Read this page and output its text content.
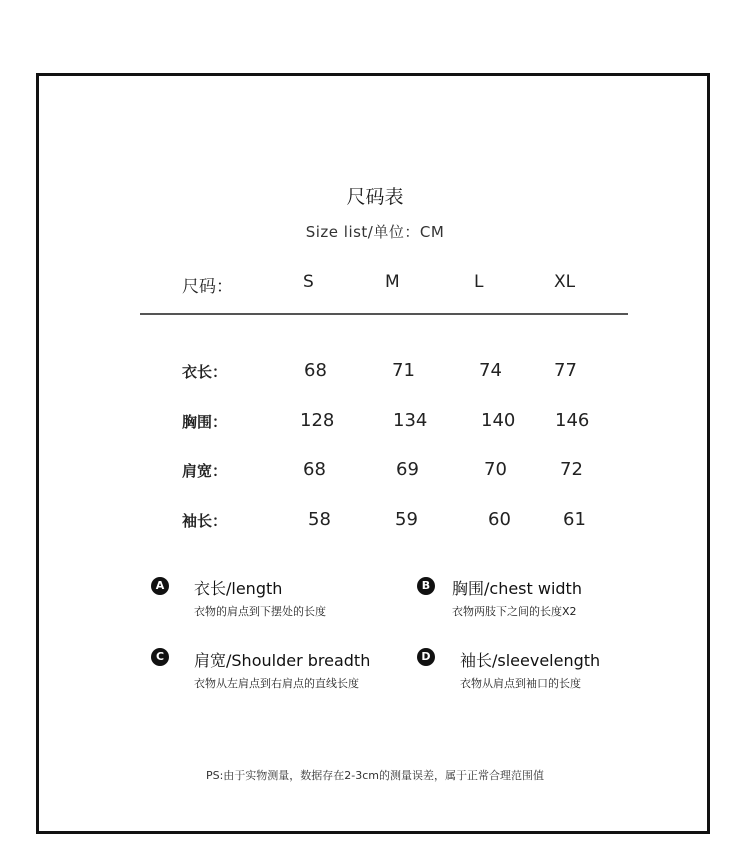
尺码表
Size list/单位：CM
尺码：	S	M	L	XL
衣长：	68	71	74	77
胸围：	128	134	140 146
肩宽：	68	69	70	72
袖长：	58	59	60	61
A 衣长/length
衣物的肩点到下摆处的长度
B	胸围/chest width
衣物两肢下之间的长度X2
C	肩宽/Shoulder breadth
衣物从左肩点到右肩点的直线长度
D 袖长/sleevelength
衣物从肩点到袖口的长度
PS:由于实物测量，数据存在2-3cm的测量误差，属于正常合理范围值
